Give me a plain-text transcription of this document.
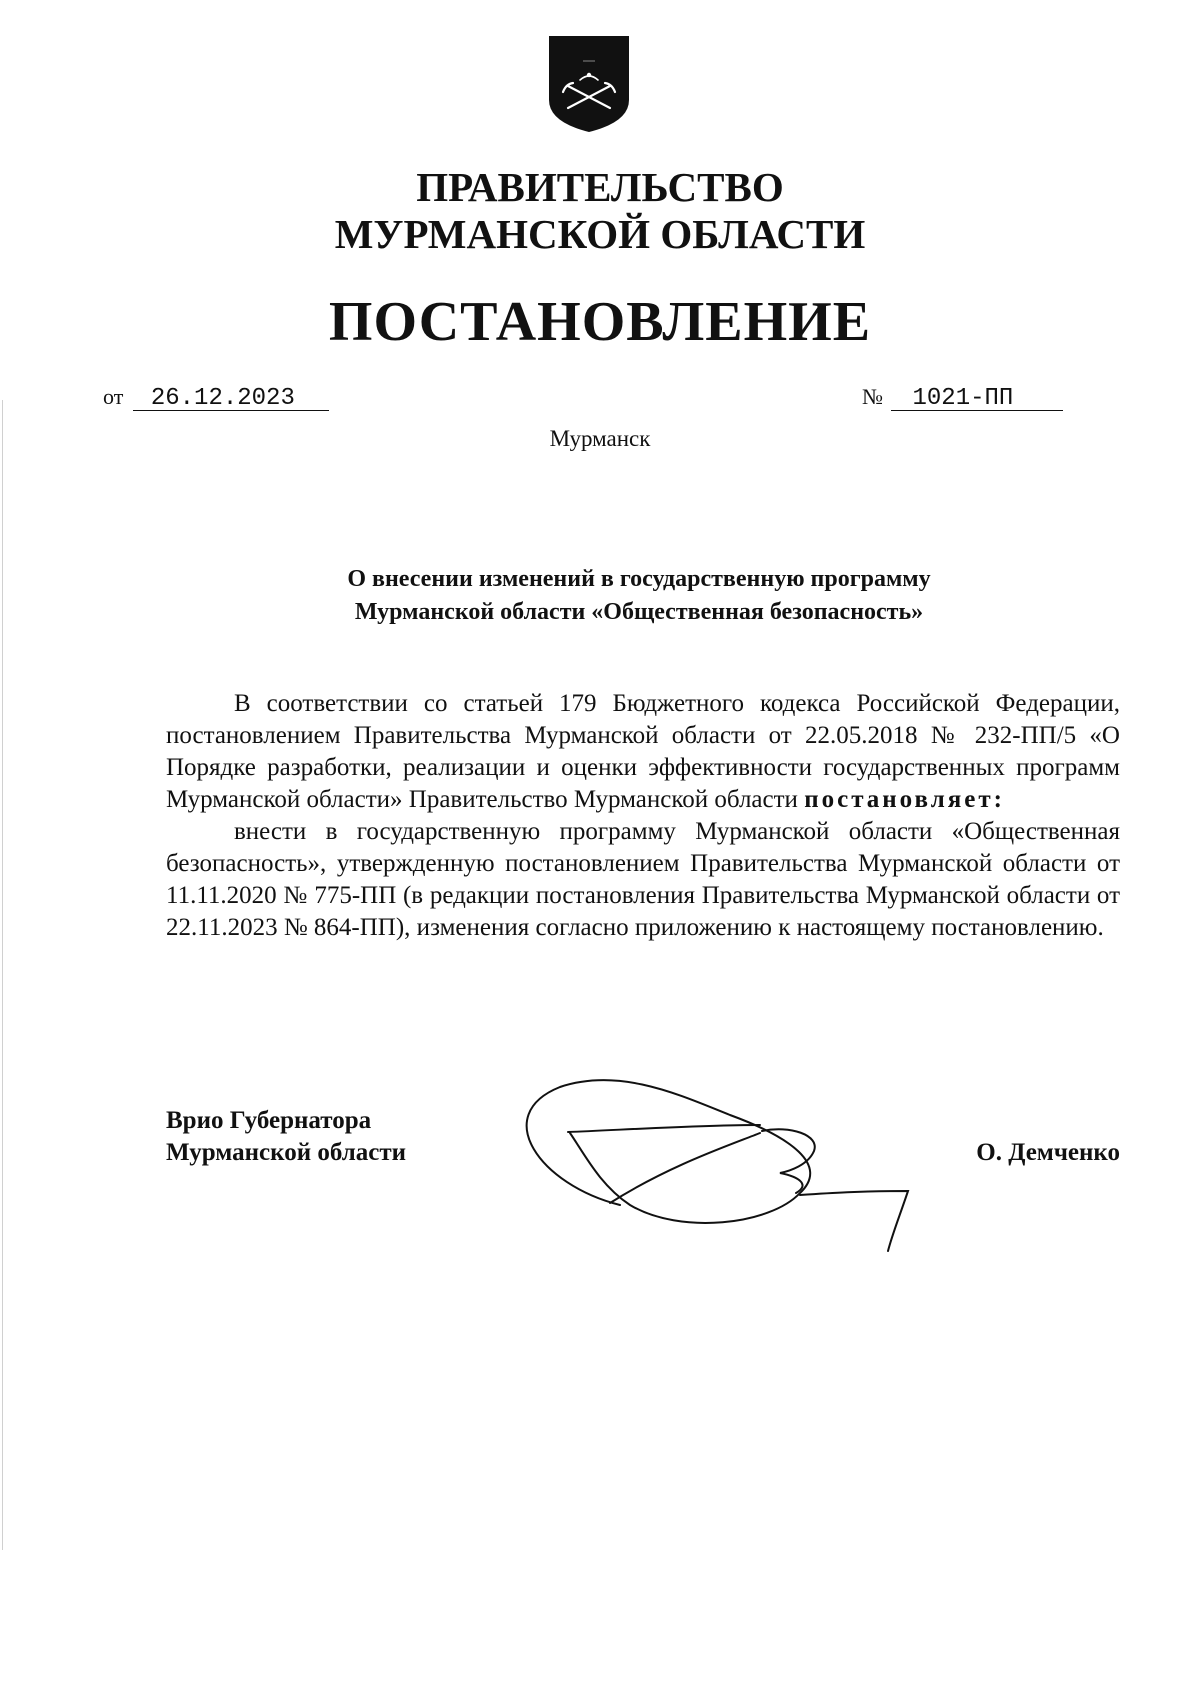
ПРАВИТЕЛЬСТВО
МУРМАНСКОЙ ОБЛАСТИ
ПОСТАНОВЛЕНИЕ
от 26.12.2023	№ 1021-ПП
Мурманск
О внесении изменений в государственную программу
Мурманской области «Общественная безопасность»

В соответствии со статьей 179 Бюджетного кодекса Российской Федерации, постановлением Правительства Мурманской области от 22.05.2018 № 232-ПП/5 «О Порядке разработки, реализации и оценки эффективности государственных программ Мурманской области» Правительство Мурманской области постановляет:

внести в государственную программу Мурманской области «Общественная безопасность», утвержденную постановлением Правительства Мурманской области от 11.11.2020 № 775-ПП (в редакции постановления Правительства Мурманской области от 22.11.2023 № 864-ПП), изменения согласно приложению к настоящему постановлению.

Врио Губернатора
Мурманской области	О. Демченко
